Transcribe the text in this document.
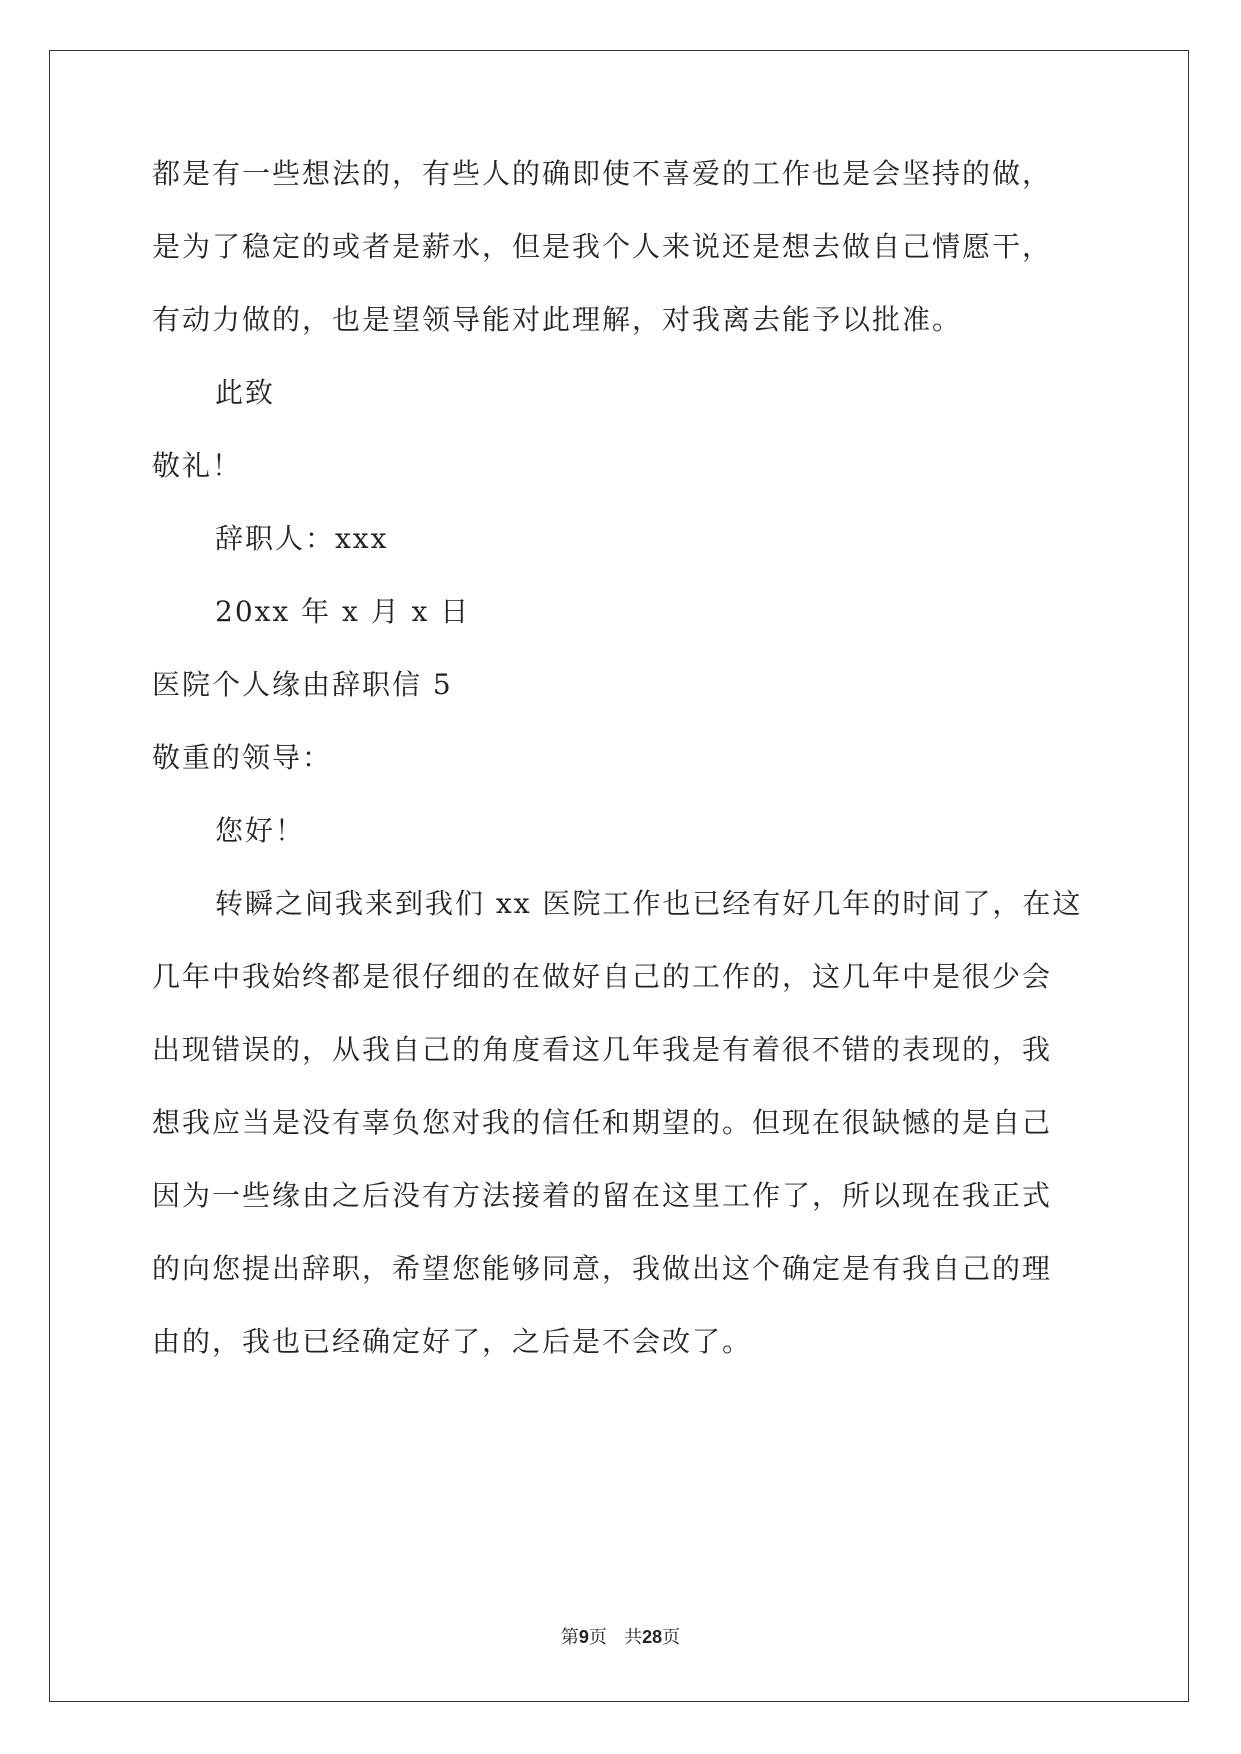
都是有一些想法的，有些人的确即使不喜爱的工作也是会坚持的做，
是为了稳定的或者是薪水，但是我个人来说还是想去做自己情愿干，
有动力做的，也是望领导能对此理解，对我离去能予以批准。
此致
敬礼！
辞职人：xxx
20xx 年 x 月 x 日
医院个人缘由辞职信 5
敬重的领导：
您好！
转瞬之间我来到我们 xx 医院工作也已经有好几年的时间了，在这
几年中我始终都是很仔细的在做好自己的工作的，这几年中是很少会
出现错误的，从我自己的角度看这几年我是有着很不错的表现的，我
想我应当是没有辜负您对我的信任和期望的。但现在很缺憾的是自己
因为一些缘由之后没有方法接着的留在这里工作了，所以现在我正式
的向您提出辞职，希望您能够同意，我做出这个确定是有我自己的理
由的，我也已经确定好了，之后是不会改了。
第9页 共28页
